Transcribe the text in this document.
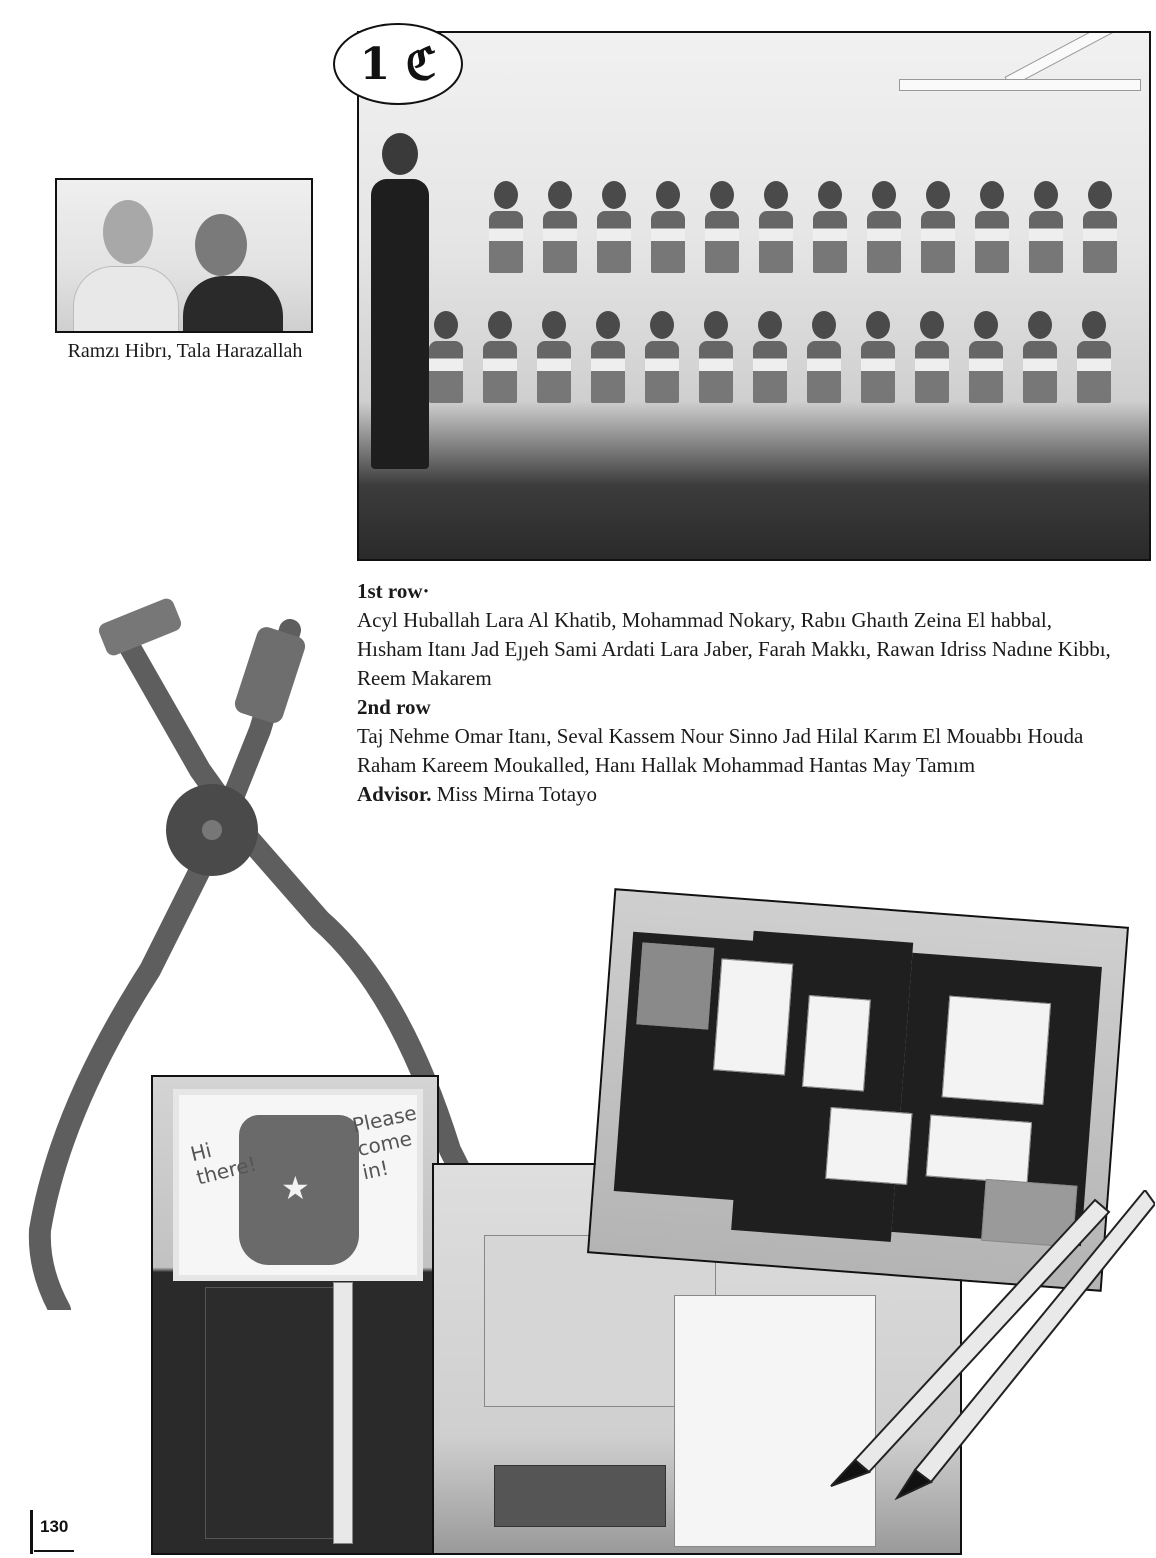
1 ℭ
Ramzı Hibrı, Tala Harazallah
1st row·

Acyl Huballah Lara Al Khatib, Mohammad Nokary, Rabıı Ghaıth Zeina El habbal, Hısham Itanı Jad Eȷȷeh Sami Ardati Lara Jaber, Farah Makkı, Rawan Idriss Nadıne Kibbı, Reem Makarem

2nd row

Taj Nehme Omar Itanı, Seval Kassem Nour Sinno Jad Hilal Karım El Mouabbı Houda Raham Kareem Moukalled, Hanı Hallak Mohammad Hantas May Tamım

Advisor. Miss Mirna Totayo

★
Hi there!
Please come in!
130
